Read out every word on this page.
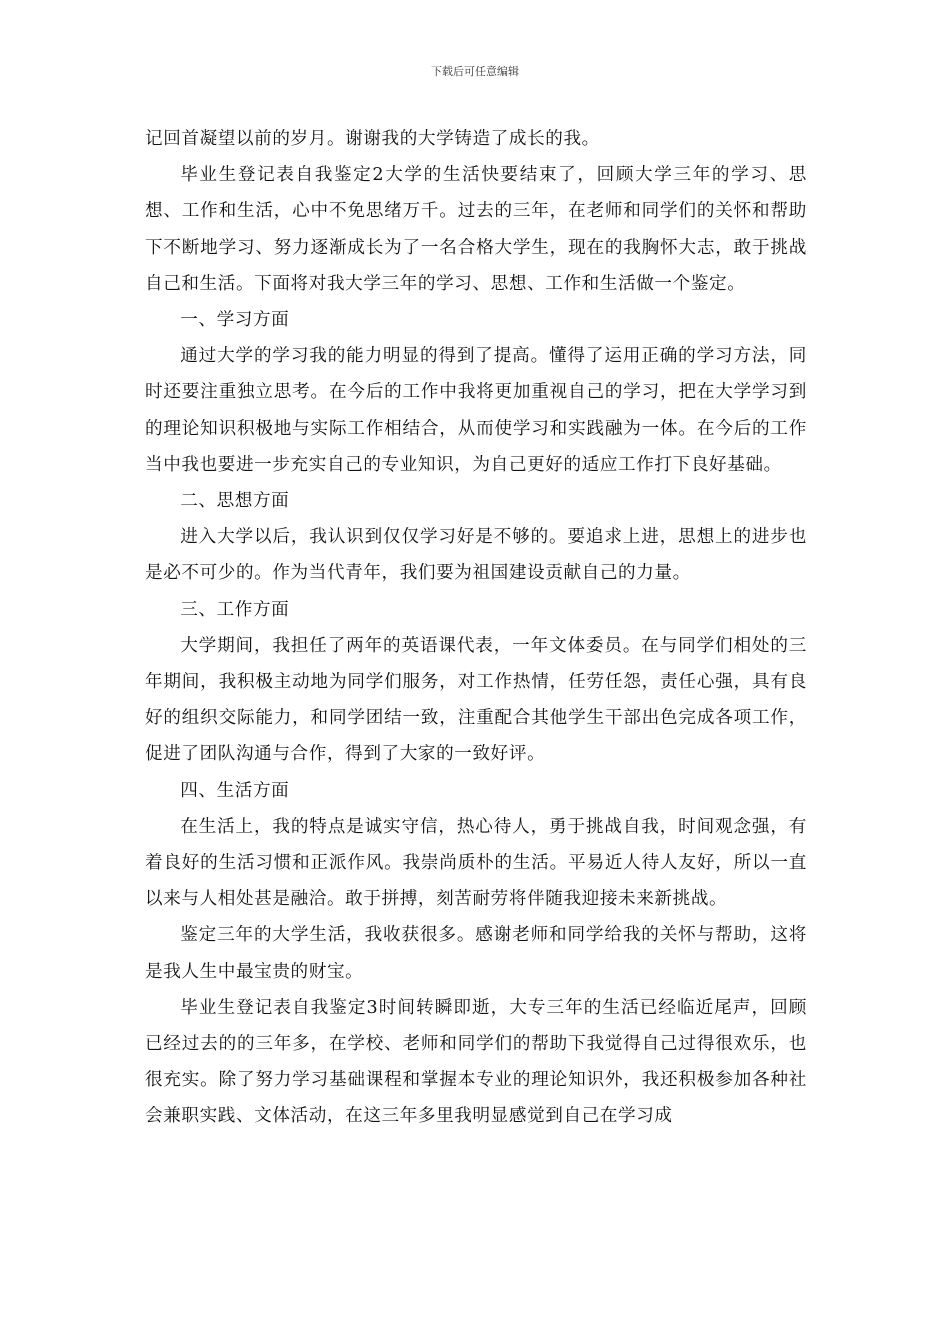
下载后可任意编辑

记回首凝望以前的岁月。谢谢我的大学铸造了成长的我。

毕业生登记表自我鉴定2大学的生活快要结束了，回顾大学三年的学习、思想、工作和生活，心中不免思绪万千。过去的三年，在老师和同学们的关怀和帮助下不断地学习、努力逐渐成长为了一名合格大学生，现在的我胸怀大志，敢于挑战自己和生活。下面将对我大学三年的学习、思想、工作和生活做一个鉴定。

一、学习方面

通过大学的学习我的能力明显的得到了提高。懂得了运用正确的学习方法，同时还要注重独立思考。在今后的工作中我将更加重视自己的学习，把在大学学习到的理论知识积极地与实际工作相结合，从而使学习和实践融为一体。在今后的工作当中我也要进一步充实自己的专业知识，为自己更好的适应工作打下良好基础。

二、思想方面

进入大学以后，我认识到仅仅学习好是不够的。要追求上进，思想上的进步也是必不可少的。作为当代青年，我们要为祖国建设贡献自己的力量。

三、工作方面

大学期间，我担任了两年的英语课代表，一年文体委员。在与同学们相处的三年期间，我积极主动地为同学们服务，对工作热情，任劳任怨，责任心强，具有良好的组织交际能力，和同学团结一致，注重配合其他学生干部出色完成各项工作，促进了团队沟通与合作，得到了大家的一致好评。

四、生活方面

在生活上，我的特点是诚实守信，热心待人，勇于挑战自我，时间观念强，有着良好的生活习惯和正派作风。我崇尚质朴的生活。平易近人待人友好，所以一直以来与人相处甚是融洽。敢于拼搏，刻苦耐劳将伴随我迎接未来新挑战。

鉴定三年的大学生活，我收获很多。感谢老师和同学给我的关怀与帮助，这将是我人生中最宝贵的财宝。

毕业生登记表自我鉴定3时间转瞬即逝，大专三年的生活已经临近尾声，回顾已经过去的的三年多，在学校、老师和同学们的帮助下我觉得自己过得很欢乐，也很充实。除了努力学习基础课程和掌握本专业的理论知识外，我还积极参加各种社会兼职实践、文体活动，在这三年多里我明显感觉到自己在学习成
